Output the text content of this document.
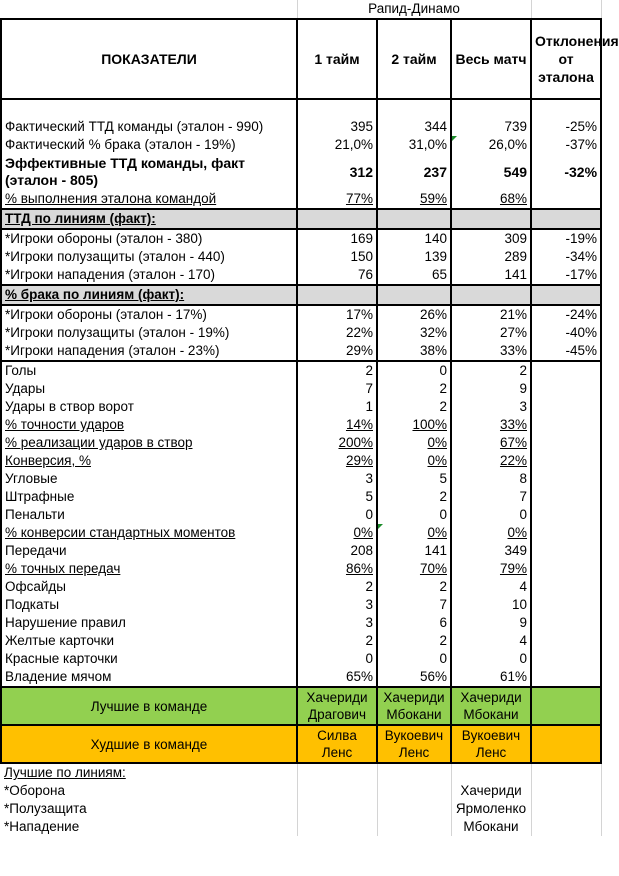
	Рапид-Динамо			
ПОКАЗАТЕЛИ	1 тайм	2 тайм	Весь матч	Отклонения от эталона

Фактический ТТД команды (эталон - 990)	395	344	739	-25%
Фактический % брака (эталон - 19%)	21,0%	31,0%	26,0%	-37%
Эффективные ТТД команды, факт (эталон - 805)	312	237	549	-32%
% выполнения эталона командой	77%	59%	68%	
ТТД по линиям (факт):				
*Игроки обороны (эталон - 380)	169	140	309	-19%
*Игроки полузащиты (эталон - 440)	150	139	289	-34%
*Игроки нападения (эталон - 170)	76	65	141	-17%
% брака по линиям (факт):				
*Игроки обороны (эталон - 17%)	17%	26%	21%	-24%
*Игроки полузащиты (эталон - 19%)	22%	32%	27%	-40%
*Игроки нападения (эталон - 23%)	29%	38%	33%	-45%
Голы	2	0	2	
Удары	7	2	9	
Удары в створ ворот	1	2	3	
% точности ударов	14%	100%	33%	
% реализации ударов в створ	200%	0%	67%	
Конверсия, %	29%	0%	22%	
Угловые	3	5	8	
Штрафные	5	2	7	
Пенальти	0	0	0	
% конверсии стандартных моментов	0%	0%	0%	
Передачи	208	141	349	
% точных передач	86%	70%	79%	
Офсайды	2	2	4	
Подкаты	3	7	10	
Нарушение правил	3	6	9	
Желтые карточки	2	2	4	
Красные карточки	0	0	0	
Владение мячом	65%	56%	61%	
Лучшие в команде	Хачериди Драгович	Хачериди Мбокани	Хачериди Мбокани	
Худшие в команде	Силва Ленс	Вукоевич Ленс	Вукоевич Ленс	
Лучшие по линиям:				
*Оборона			Хачериди	
*Полузащита			Ярмоленко	
*Нападение			Мбокани	
